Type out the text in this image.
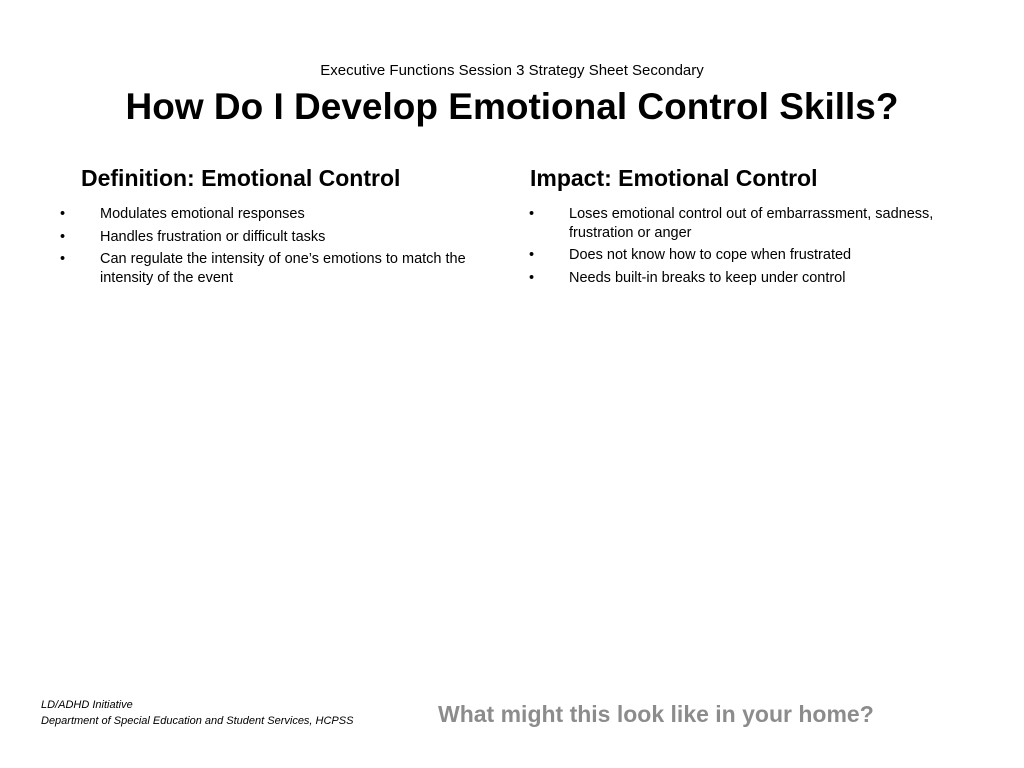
Executive Functions Session 3 Strategy Sheet Secondary
How Do I Develop Emotional Control Skills?
Definition: Emotional Control
• Modulates emotional responses
• Handles frustration or difficult tasks
• Can regulate the intensity of one’s emotions to match the intensity of the event
Impact: Emotional Control
• Loses emotional control out of embarrassment, sadness, frustration or anger
• Does not know how to cope when frustrated
• Needs built-in breaks to keep under control
LD/ADHD Initiative
Department of Special Education and Student Services, HCPSS	What might this look like in your home?
